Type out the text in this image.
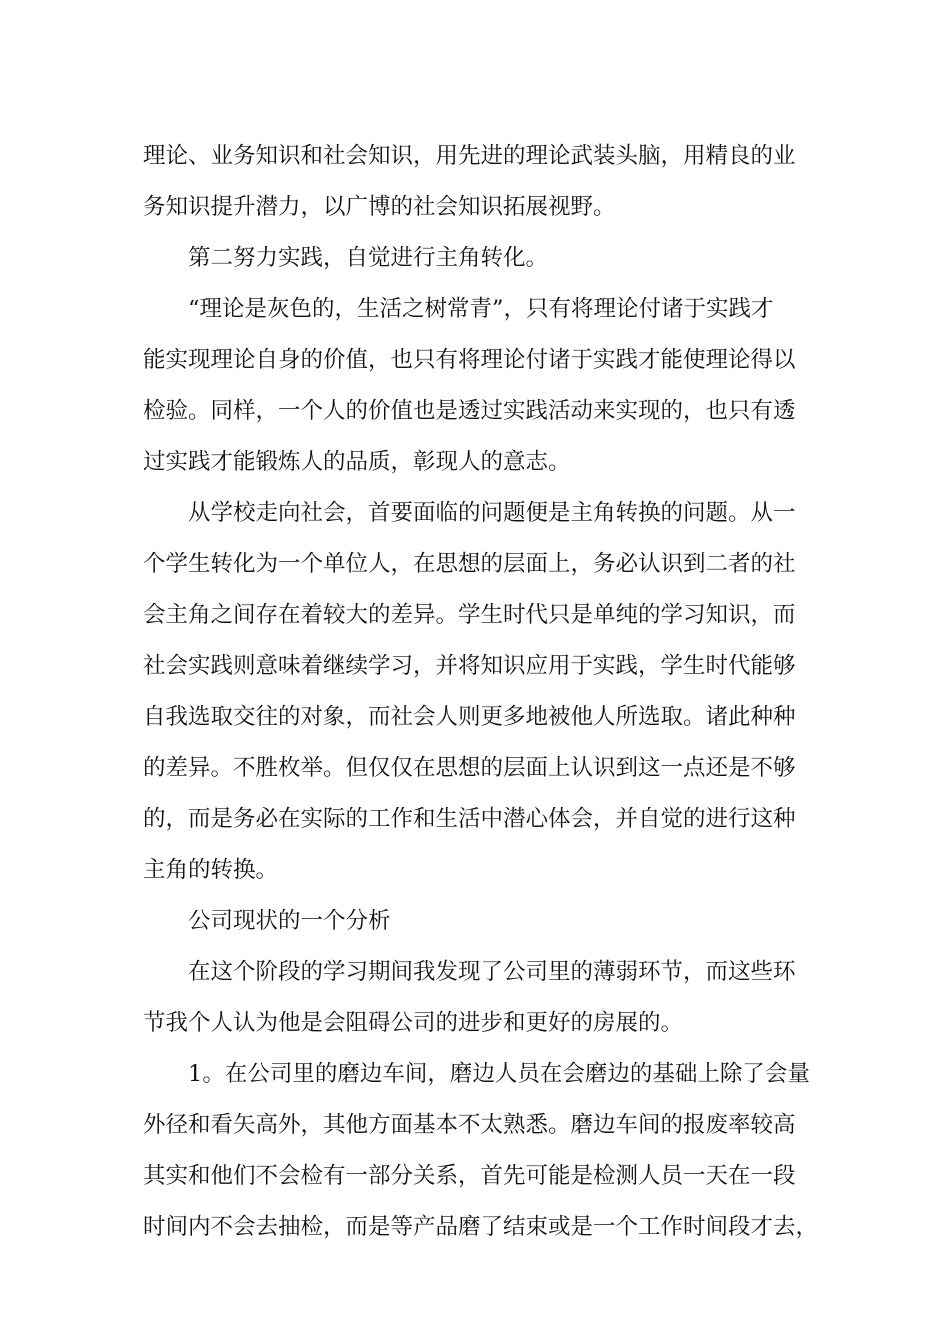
理论、业务知识和社会知识，用先进的理论武装头脑，用精良的业
务知识提升潜力，以广博的社会知识拓展视野。
第二努力实践，自觉进行主角转化。
“理论是灰色的，生活之树常青”，只有将理论付诸于实践才
能实现理论自身的价值，也只有将理论付诸于实践才能使理论得以
检验。同样，一个人的价值也是透过实践活动来实现的，也只有透
过实践才能锻炼人的品质，彰现人的意志。
从学校走向社会，首要面临的问题便是主角转换的问题。从一
个学生转化为一个单位人，在思想的层面上，务必认识到二者的社
会主角之间存在着较大的差异。学生时代只是单纯的学习知识，而
社会实践则意味着继续学习，并将知识应用于实践，学生时代能够
自我选取交往的对象，而社会人则更多地被他人所选取。诸此种种
的差异。不胜枚举。但仅仅在思想的层面上认识到这一点还是不够
的，而是务必在实际的工作和生活中潜心体会，并自觉的进行这种
主角的转换。
公司现状的一个分析
在这个阶段的学习期间我发现了公司里的薄弱环节，而这些环
节我个人认为他是会阻碍公司的进步和更好的房展的。
1。在公司里的磨边车间，磨边人员在会磨边的基础上除了会量
外径和看矢高外，其他方面基本不太熟悉。磨边车间的报废率较高
其实和他们不会检有一部分关系，首先可能是检测人员一天在一段
时间内不会去抽检，而是等产品磨了结束或是一个工作时间段才去，
